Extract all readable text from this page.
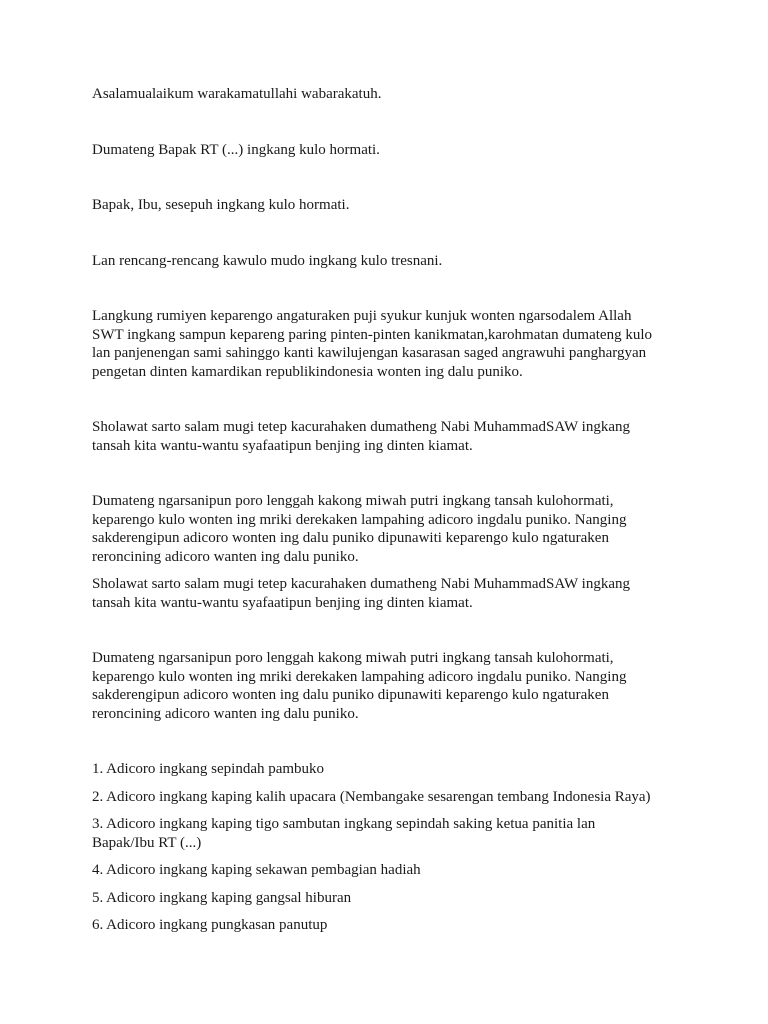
Asalamualaikum warakamatullahi wabarakatuh.

Dumateng Bapak RT (...) ingkang kulo hormati.

Bapak, Ibu, sesepuh ingkang kulo hormati.

Lan rencang-rencang kawulo mudo ingkang kulo tresnani.

Langkung rumiyen keparengo angaturaken puji syukur kunjuk wonten ngarsodalem Allah
SWT ingkang sampun kepareng paring pinten-pinten kanikmatan,karohmatan dumateng kulo
lan panjenengan sami sahinggo kanti kawilujengan kasarasan saged angrawuhi panghargyan
pengetan dinten kamardikan republikindonesia wonten ing dalu puniko.

Sholawat sarto salam mugi tetep kacurahaken dumatheng Nabi MuhammadSAW ingkang
tansah kita wantu-wantu syafaatipun benjing ing dinten kiamat.

Dumateng ngarsanipun poro lenggah kakong miwah putri ingkang tansah kulohormati,
keparengo kulo wonten ing mriki derekaken lampahing adicoro ingdalu puniko. Nanging
sakderengipun adicoro wonten ing dalu puniko dipunawiti keparengo kulo ngaturaken
reroncining adicoro wanten ing dalu puniko.

Sholawat sarto salam mugi tetep kacurahaken dumatheng Nabi MuhammadSAW ingkang
tansah kita wantu-wantu syafaatipun benjing ing dinten kiamat.

Dumateng ngarsanipun poro lenggah kakong miwah putri ingkang tansah kulohormati,
keparengo kulo wonten ing mriki derekaken lampahing adicoro ingdalu puniko. Nanging
sakderengipun adicoro wonten ing dalu puniko dipunawiti keparengo kulo ngaturaken
reroncining adicoro wanten ing dalu puniko.

1. Adicoro ingkang sepindah pambuko

2. Adicoro ingkang kaping kalih upacara (Nembangake sesarengan tembang Indonesia Raya)

3. Adicoro ingkang kaping tigo sambutan ingkang sepindah saking ketua panitia lan
Bapak/Ibu RT (...)

4. Adicoro ingkang kaping sekawan pembagian hadiah

5. Adicoro ingkang kaping gangsal hiburan

6. Adicoro ingkang pungkasan panutup
